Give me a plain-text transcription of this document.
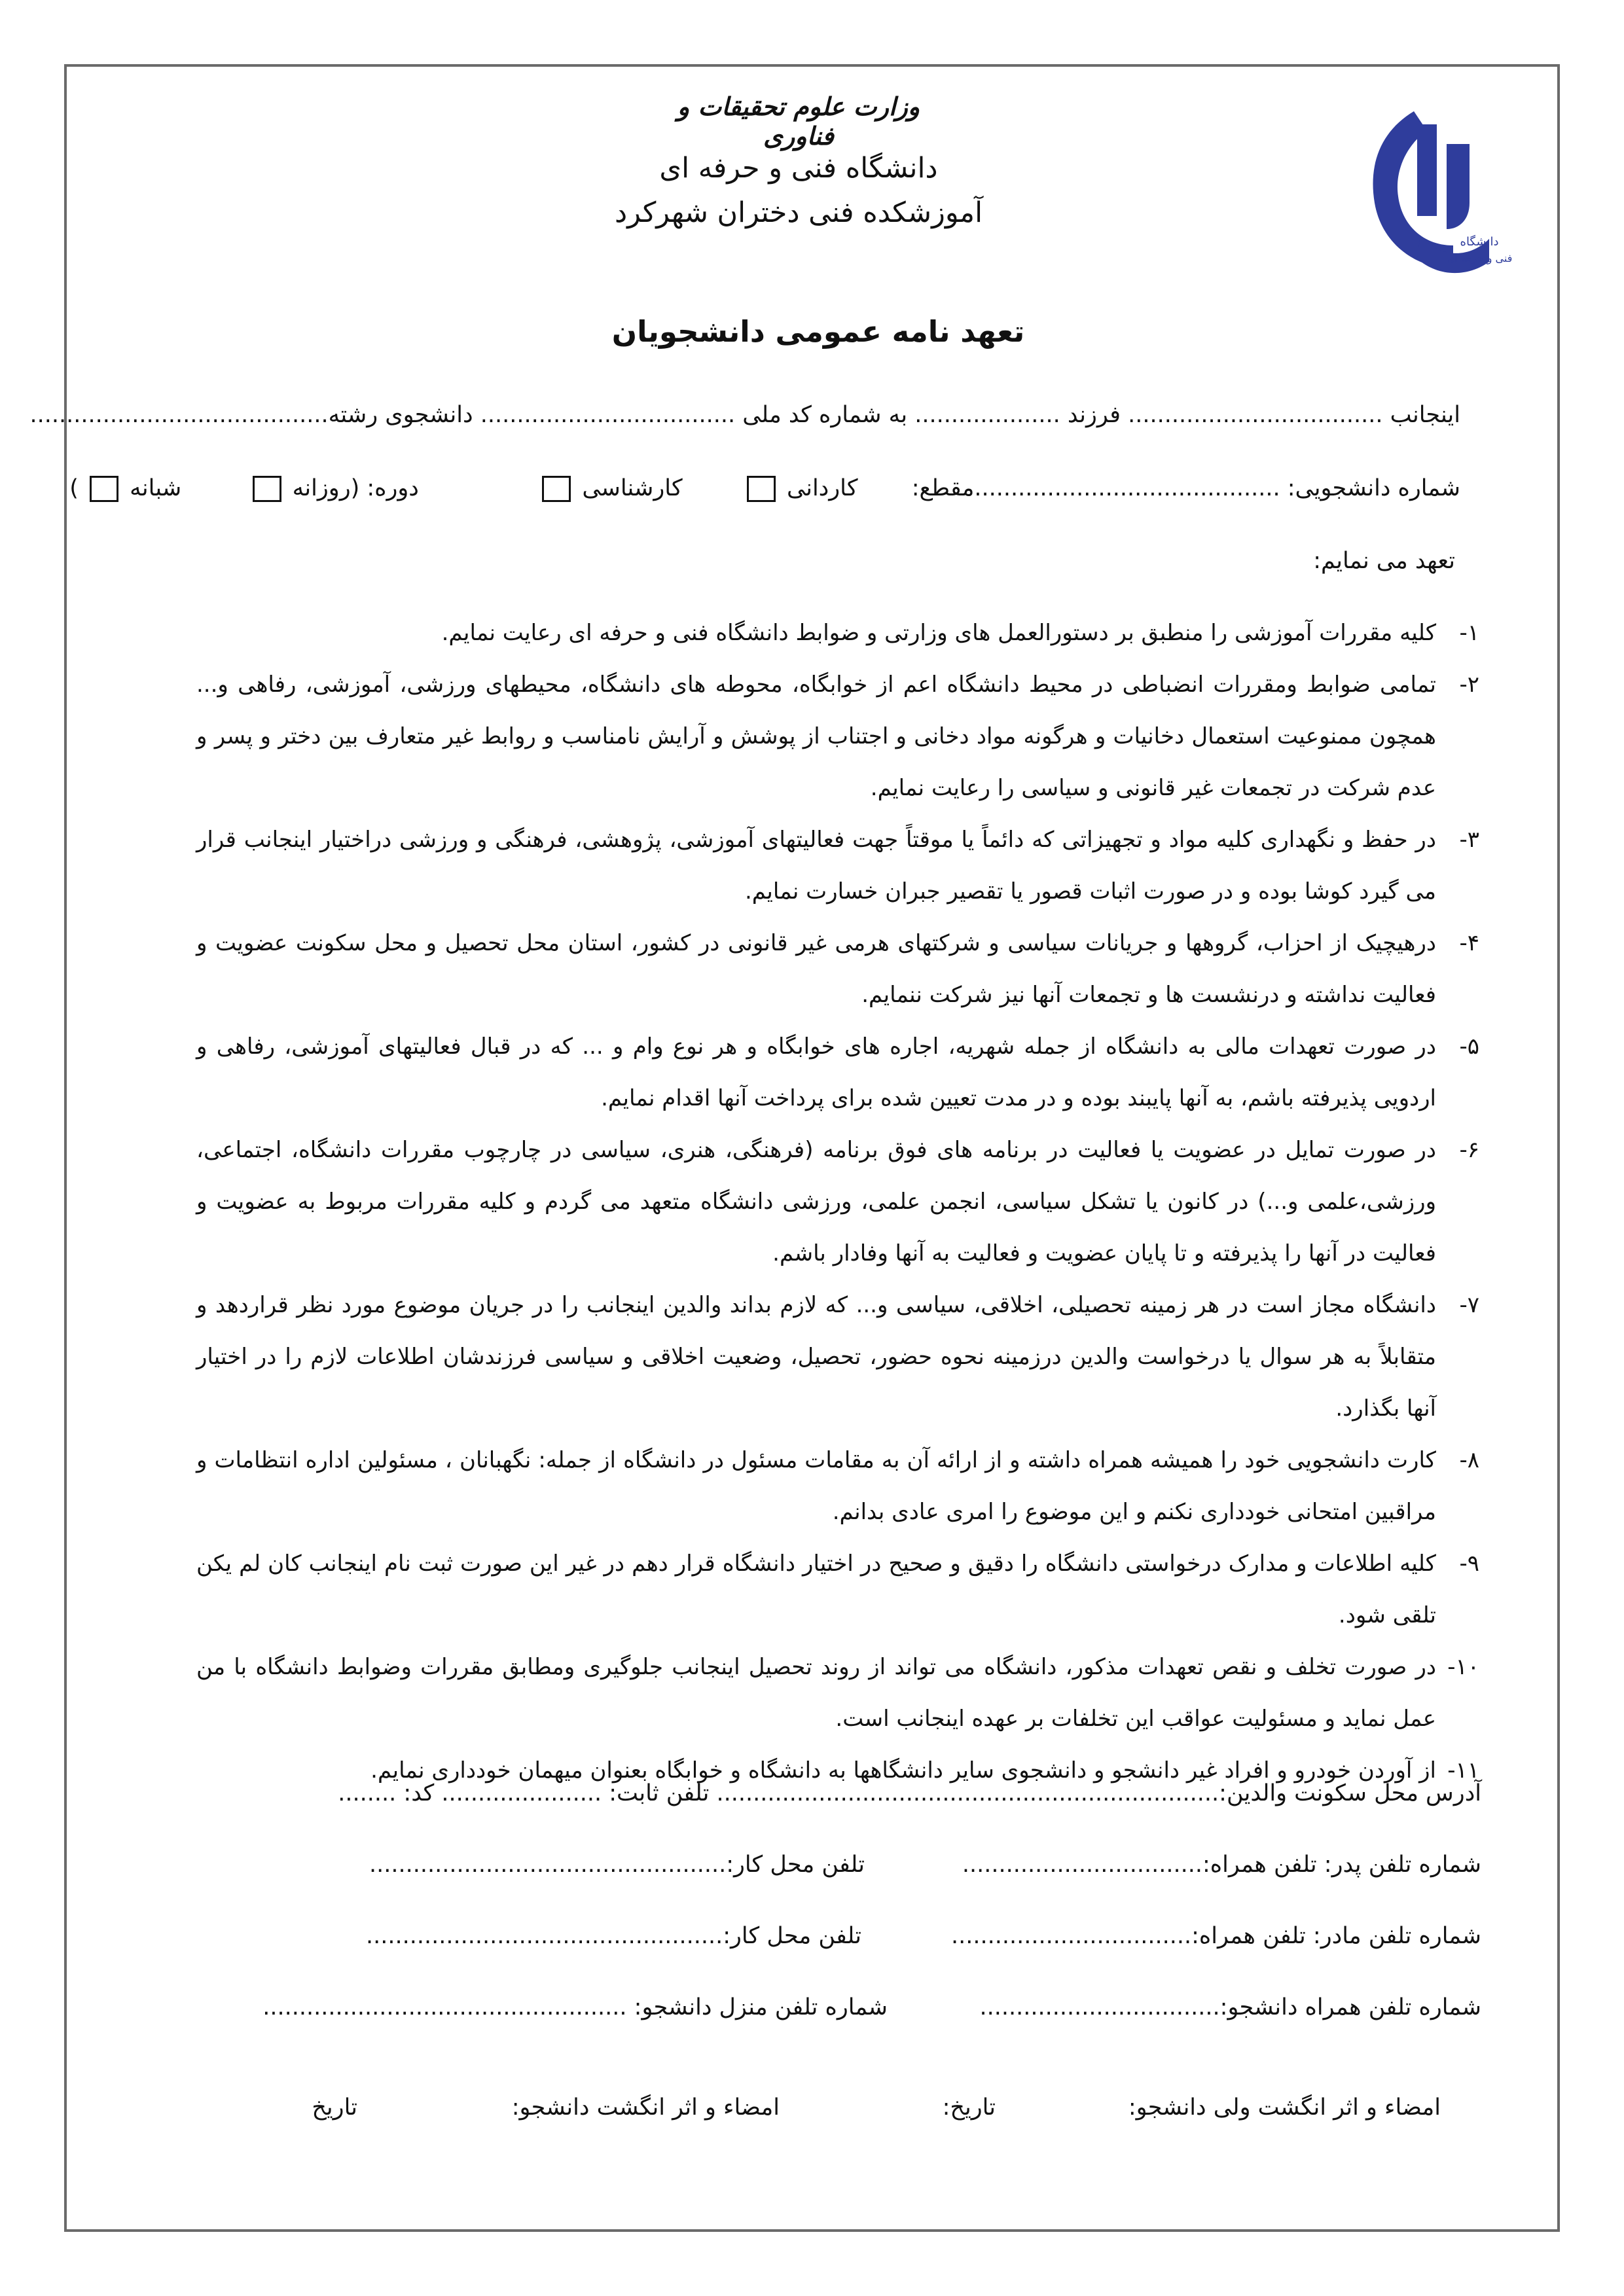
وزارت علوم تحقیقات و فناوری
دانشگاه فنی و حرفه ای
آموزشکده فنی دختران شهرکرد
دانشگاه
فنی و حرفه ای
تعهد نامه عمومی دانشجویان
اینجانب ................................... فرزند .................... به شماره کد ملی ................................... دانشجوی رشته.........................................
شماره دانشجویی: ..........................................مقطع:  کاردانی   کارشناسی   دوره: (روزانه   شبانه  )
تعهد می نمایم:
۱-
کلیه مقررات آموزشی را منطبق بر دستورالعمل های وزارتی و ضوابط دانشگاه فنی و حرفه ای رعایت نمایم.
۲-
تمامی ضوابط ومقررات انضباطی در محیط دانشگاه اعم از خوابگاه، محوطه های دانشگاه، محیطهای ورزشی، آموزشی، رفاهی و... همچون ممنوعیت استعمال دخانیات و هرگونه مواد دخانی و اجتناب از پوشش و آرایش نامناسب و روابط غیر متعارف بین دختر و پسر و عدم شرکت در تجمعات غیر قانونی و سیاسی را رعایت نمایم.
۳-
در حفظ و نگهداری کلیه مواد و تجهیزاتی که دائماً یا موقتاً جهت فعالیتهای آموزشی، پژوهشی، فرهنگی و ورزشی دراختیار اینجانب قرار می گیرد کوشا بوده و در صورت اثبات قصور یا تقصیر جبران خسارت نمایم.
۴-
درهیچیک از احزاب، گروهها و جریانات سیاسی و شرکتهای هرمی غیر قانونی در کشور، استان محل تحصیل و محل سکونت عضویت و فعالیت نداشته و درنشست ها و تجمعات آنها نیز شرکت ننمایم.
۵-
در صورت تعهدات مالی به دانشگاه از جمله شهریه، اجاره های خوابگاه و هر نوع وام و ... که در قبال فعالیتهای آموزشی، رفاهی و اردویی پذیرفته باشم، به آنها پایبند بوده و در مدت تعیین شده برای پرداخت آنها اقدام نمایم.
۶-
در صورت تمایل در عضویت یا فعالیت در برنامه های فوق برنامه (فرهنگی، هنری، سیاسی در چارچوب مقررات دانشگاه، اجتماعی، ورزشی،علمی و...) در کانون یا تشکل سیاسی، انجمن علمی، ورزشی دانشگاه متعهد می گردم و کلیه مقررات مربوط به عضویت و فعالیت در آنها را پذیرفته و تا پایان عضویت و فعالیت به آنها وفادار باشم.
۷-
دانشگاه مجاز است در هر زمینه تحصیلی، اخلاقی، سیاسی و... که لازم بداند والدین اینجانب را در جریان موضوع مورد نظر قراردهد و متقابلاً به هر سوال یا درخواست والدین درزمینه نحوه حضور، تحصیل، وضعیت اخلاقی و سیاسی فرزندشان اطلاعات لازم را در اختیار آنها بگذارد.
۸-
کارت دانشجویی خود را همیشه همراه داشته و از ارائه آن به مقامات مسئول در دانشگاه از جمله: نگهبانان ، مسئولین اداره انتظامات و مراقبین امتحانی خودداری نکنم و این موضوع را امری عادی بدانم.
۹-
کلیه اطلاعات و مدارک درخواستی دانشگاه را دقیق و صحیح در اختیار دانشگاه قرار دهم در غیر این صورت ثبت نام اینجانب کان لم یکن تلقی شود.
۱۰-
در صورت تخلف و نقص تعهدات مذکور، دانشگاه می تواند از روند تحصیل اینجانب جلوگیری ومطابق مقررات وضوابط دانشگاه با من عمل نماید و مسئولیت عواقب این تخلفات بر عهده اینجانب است.
۱۱-
از آوردن خودرو و افراد غیر دانشجو و دانشجوی سایر دانشگاهها به دانشگاه و خوابگاه بعنوان میهمان خودداری نمایم.
آدرس محل سکونت والدین:..................................................................... تلفن ثابت: ...................... کد: ........
شماره تلفن پدر: تلفن همراه:.................................
تلفن محل کار:.................................................
شماره تلفن مادر: تلفن همراه:.................................
تلفن محل کار:.................................................
شماره تلفن همراه دانشجو:.................................
شماره تلفن منزل دانشجو: ..................................................
امضاء و اثر انگشت ولی دانشجو:
تاریخ:
امضاء و اثر انگشت دانشجو:
تاریخ
